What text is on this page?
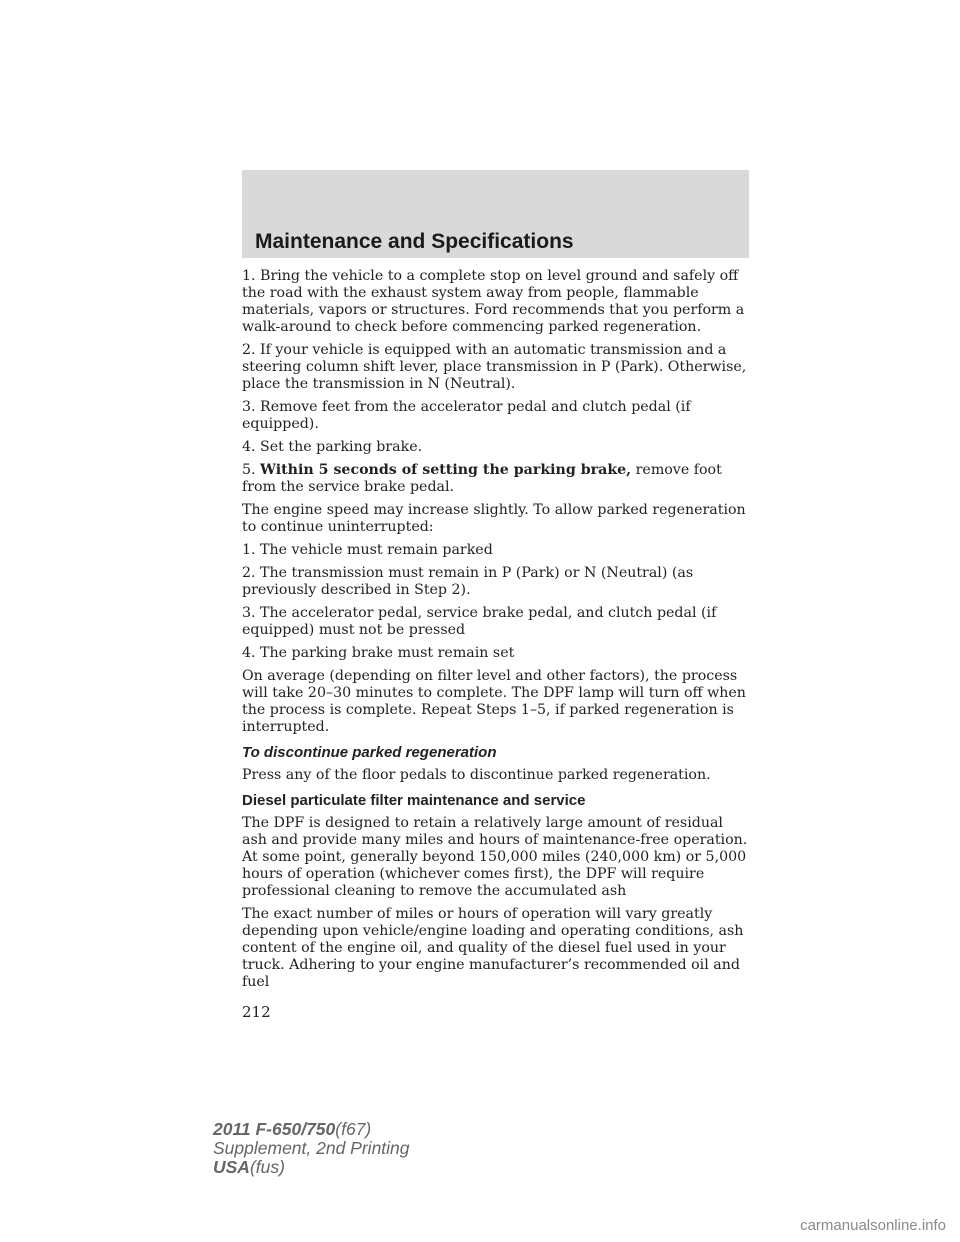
Maintenance and Specifications

1. Bring the vehicle to a complete stop on level ground and safely off the road with the exhaust system away from people, flammable materials, vapors or structures. Ford recommends that you perform a walk-around to check before commencing parked regeneration.

2. If your vehicle is equipped with an automatic transmission and a steering column shift lever, place transmission in P (Park). Otherwise, place the transmission in N (Neutral).

3. Remove feet from the accelerator pedal and clutch pedal (if equipped).

4. Set the parking brake.

5. Within 5 seconds of setting the parking brake, remove foot from the service brake pedal.

The engine speed may increase slightly. To allow parked regeneration to continue uninterrupted:

1. The vehicle must remain parked

2. The transmission must remain in P (Park) or N (Neutral) (as previously described in Step 2).

3. The accelerator pedal, service brake pedal, and clutch pedal (if equipped) must not be pressed

4. The parking brake must remain set

On average (depending on filter level and other factors), the process will take 20–30 minutes to complete. The DPF lamp will turn off when the process is complete. Repeat Steps 1–5, if parked regeneration is interrupted.

To discontinue parked regeneration

Press any of the floor pedals to discontinue parked regeneration.

Diesel particulate filter maintenance and service

The DPF is designed to retain a relatively large amount of residual ash and provide many miles and hours of maintenance-free operation. At some point, generally beyond 150,000 miles (240,000 km) or 5,000 hours of operation (whichever comes first), the DPF will require professional cleaning to remove the accumulated ash

The exact number of miles or hours of operation will vary greatly depending upon vehicle/engine loading and operating conditions, ash content of the engine oil, and quality of the diesel fuel used in your truck. Adhering to your engine manufacturer’s recommended oil and fuel

212
2011 F-650/750(f67)
Supplement, 2nd Printing
USA(fus)
carmanualsonline.info
